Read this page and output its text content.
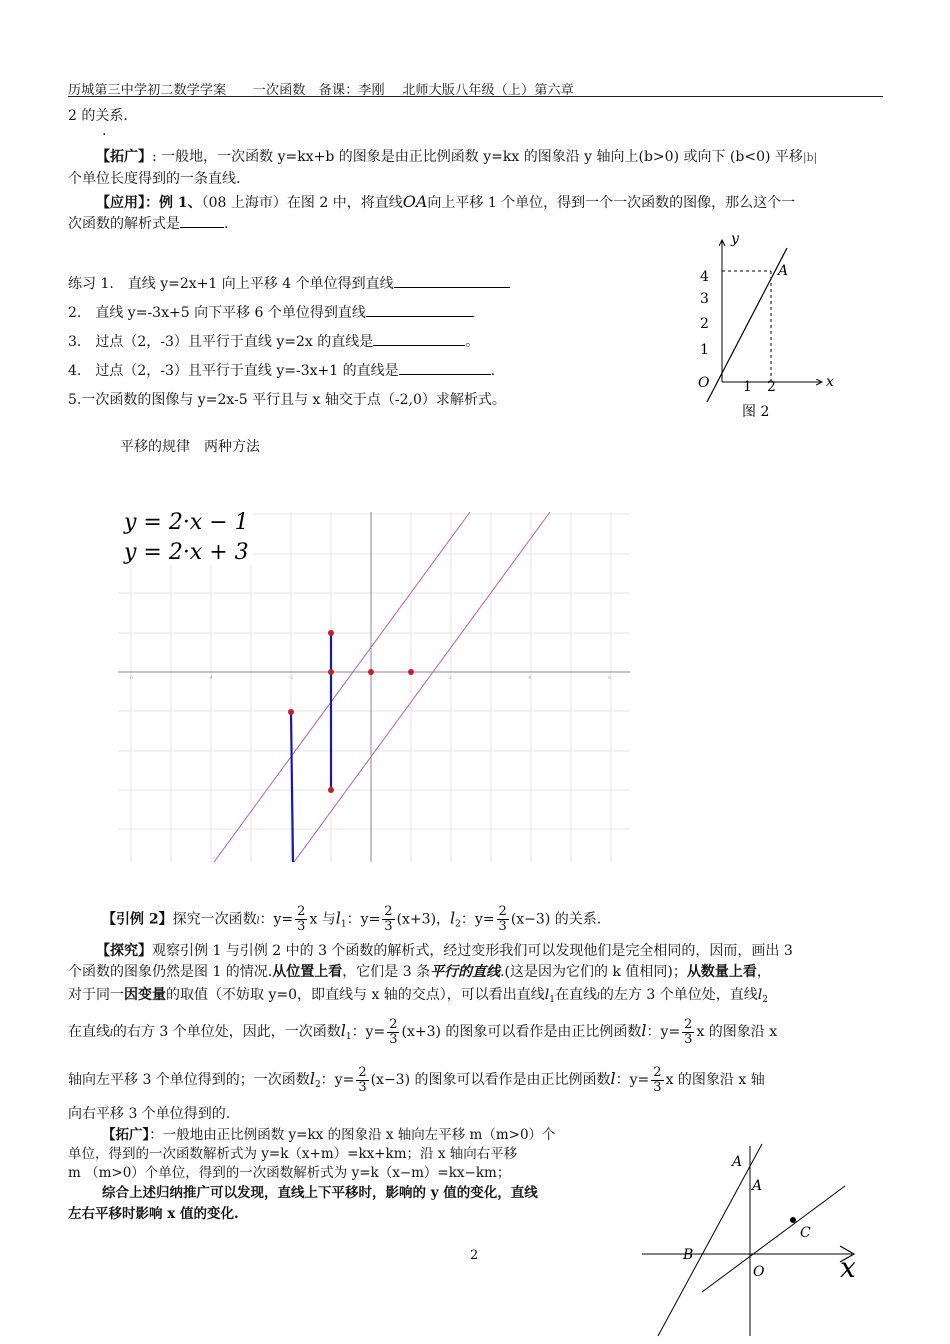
历城第三中学初二数学学案　　一次函数　备课：李刚　 北师大版八年级（上）第六章
2 的关系.
.
【拓广】: 一般地，一次函数 y=kx+b 的图象是由正比例函数 y=kx 的图象沿 y 轴向上(b>0) 或向下 (b<0) 平移|b|
个单位长度得到的一条直线.
【应用】：例 1、（08 上海市）在图 2 中，将直线OA向上平移 1 个单位，得到一个一次函数的图像，那么这个一
次函数的解析式是	.
练习 1.　直线 y=2x+1 向上平移 4 个单位得到直线
2.　直线 y=-3x+5 向下平移 6 个单位得到直线
3.　过点（2，-3）且平行于直线 y=2x 的直线是	。
4.　过点（2，-3）且平行于直线 y=-3x+1 的直线是	.
5.一次函数的图像与 y=2x-5 平行且与 x 轴交于点（-2,0）求解析式。
y
x
A
O
4
3
2
1
1 2
图 2
平移的规律　两种方法
-6	-4	-2	2	4	6
y = 2·x − 1
y = 2·x + 3
【引例 2】探究一次函数l：$y= \frac{2}{3}$ x 与$l_1$：$y= \frac{2}{3} (x+3)$，$l_2$：$y= \frac{2}{3} (x-3)$ 的关系.
【探究】观察引例 1 与引例 2 中的 3 个函数的解析式，经过变形我们可以发现他们是完全相同的，因而，画出 3
个函数的图象仍然是图 1 的情况.从位置上看，它们是 3 条平行的直线.(这是因为它们的 k 值相同)；从数量上看，
对于同一因变量的取值（不妨取 y=0，即直线与 x 轴的交点），可以看出直线$l_1$在直线l的左方 3 个单位处，直线$l_2$
在直线l的右方 3 个单位处，因此，一次函数$l_1$：$y= \frac{2}{3} (x+3)$ 的图象可以看作是由正比例函数l：$y= \frac{2}{3}$ x 的图象沿 x
轴向左平移 3 个单位得到的；一次函数$l_2$：$y= \frac{2}{3} (x-3)$ 的图象可以看作是由正比例函数l：$y= \frac{2}{3}$ x 的图象沿 x 轴
向右平移 3 个单位得到的.
【拓广】：一般地由正比例函数 y=kx 的图象沿 x 轴向左平移 m（m>0）个
单位，得到的一次函数解析式为 y=k（x+m）=kx+km；沿 x 轴向右平移
m （m>0）个单位，得到的一次函数解析式为 y=k（x−m）=kx−km；
综合上述归纳推广可以发现，直线上下平移时，影响的 y 值的变化，直线
左右平移时影响 x 值的变化.
A
A
C
B
O	x
2
